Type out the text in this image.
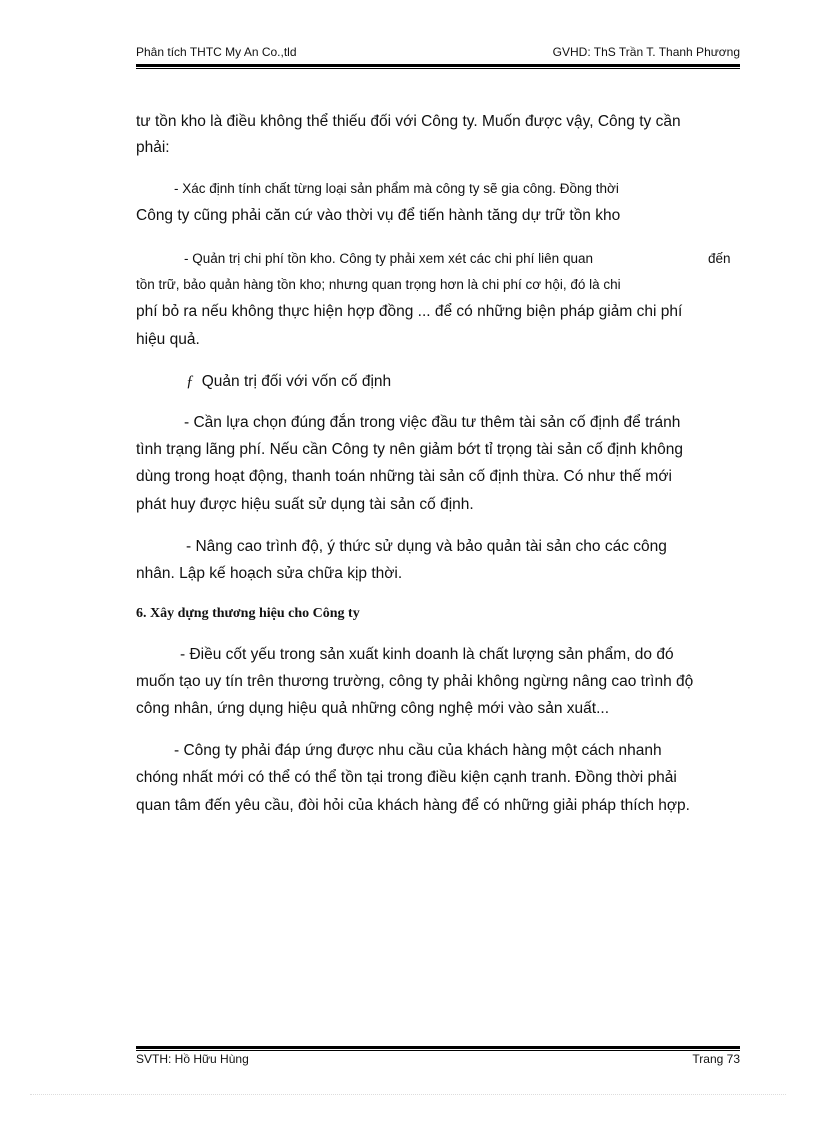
Phân tích THTC My An Co.,tld	GVHD: ThS Trần T. Thanh Phương
tư tồn kho là điều không thể thiếu đối với Công ty. Muốn được vậy, Công ty cần
phải:
- Xác định tính chất từng loại sản phẩm mà công ty sẽ gia công. Đồng thời
Công ty cũng phải căn cứ vào thời vụ để tiến hành tăng dự trữ tồn kho
- Quản trị chi phí tồn kho. Công ty phải xem xét các chi phí liên quan	đến
tồn trữ, bảo quản hàng tồn kho; nhưng quan trọng hơn là chi phí cơ hội, đó là chi
phí bỏ ra nếu không thực hiện hợp đồng ... để có những biện pháp giảm chi phí
hiệu quả.
ƒ Quản trị đối với vốn cố định
- Cần lựa chọn đúng đắn trong việc đầu tư thêm tài sản cố định để tránh
tình trạng lãng phí. Nếu cần Công ty nên giảm bớt tỉ trọng tài sản cố định không
dùng trong hoạt động, thanh toán những tài sản cố định thừa. Có như thế mới
phát huy được hiệu suất sử dụng tài sản cố định.
- Nâng cao trình độ, ý thức sử dụng và bảo quản tài sản cho các công
nhân. Lập kế hoạch sửa chữa kịp thời.
6. Xây dựng thương hiệu cho Công ty
- Điều cốt yếu trong sản xuất kinh doanh là chất lượng sản phẩm, do đó
muốn tạo uy tín trên thương trường, công ty phải không ngừng nâng cao trình độ
công nhân, ứng dụng hiệu quả những công nghệ mới vào sản xuất...
- Công ty phải đáp ứng được nhu cầu của khách hàng một cách nhanh
chóng nhất mới có thể có thể tồn tại trong điều kiện cạnh tranh. Đồng thời phải
quan tâm đến yêu cầu, đòi hỏi của khách hàng để có những giải pháp thích hợp.
SVTH: Hồ Hữu Hùng	Trang 73
